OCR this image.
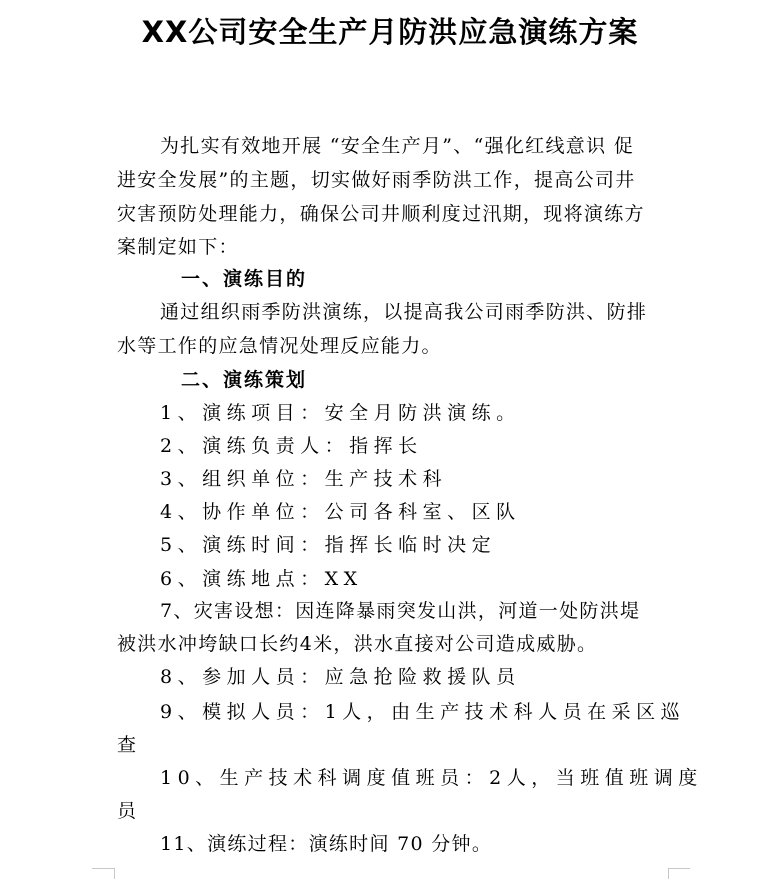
XX公司安全生产月防洪应急演练方案
为扎实有效地开展 “安全生产月”、“强化红线意识 促
进安全发展”的主题，切实做好雨季防洪工作，提高公司井
灾害预防处理能力，确保公司井顺利度过汛期，现将演练方
案制定如下：
一、演练目的
通过组织雨季防洪演练，以提高我公司雨季防洪、防排
水等工作的应急情况处理反应能力。
二、演练策划
1、演练项目：安全月防洪演练。
2、演练负责人：指挥长
3、组织单位：生产技术科
4、协作单位：公司各科室、区队
5、演练时间：指挥长临时决定
6、演练地点：XX
7、灾害设想：因连降暴雨突发山洪，河道一处防洪堤
被洪水冲垮缺口长约4米，洪水直接对公司造成威胁。
8、参加人员：应急抢险救援队员
9、模拟人员：1人，由生产技术科人员在采区巡
查
10、生产技术科调度值班员：2人，当班值班调度
员
11、演练过程：演练时间 70 分钟。
